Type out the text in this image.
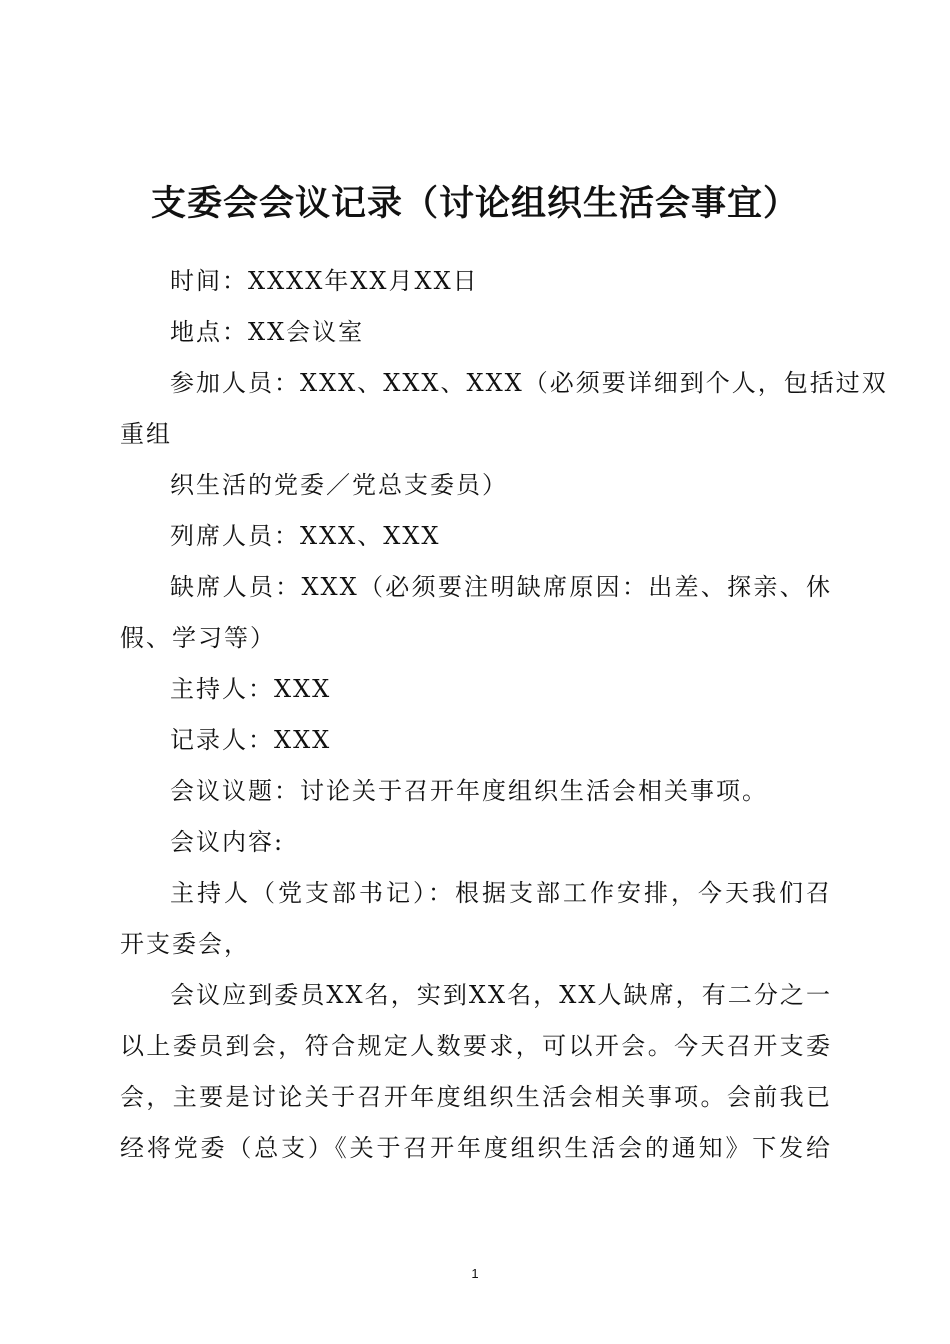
支委会会议记录（讨论组织生活会事宜）
时间：XXXX年XX月XX日
地点：XX会议室
参加人员：XXX、XXX、XXX（必须要详细到个人，包括过双
重组
织生活的党委／党总支委员）
列席人员：XXX、XXX
缺席人员：XXX（必须要注明缺席原因：出差、探亲、休
假、学习等）
主持人：XXX
记录人：XXX
会议议题：讨论关于召开年度组织生活会相关事项。
会议内容:
主持人（党支部书记）：根据支部工作安排，今天我们召
开支委会，
会议应到委员XX名，实到XX名，XX人缺席，有二分之一
以上委员到会，符合规定人数要求，可以开会。今天召开支委
会，主要是讨论关于召开年度组织生活会相关事项。会前我已
经将党委（总支）《关于召开年度组织生活会的通知》下发给
1
